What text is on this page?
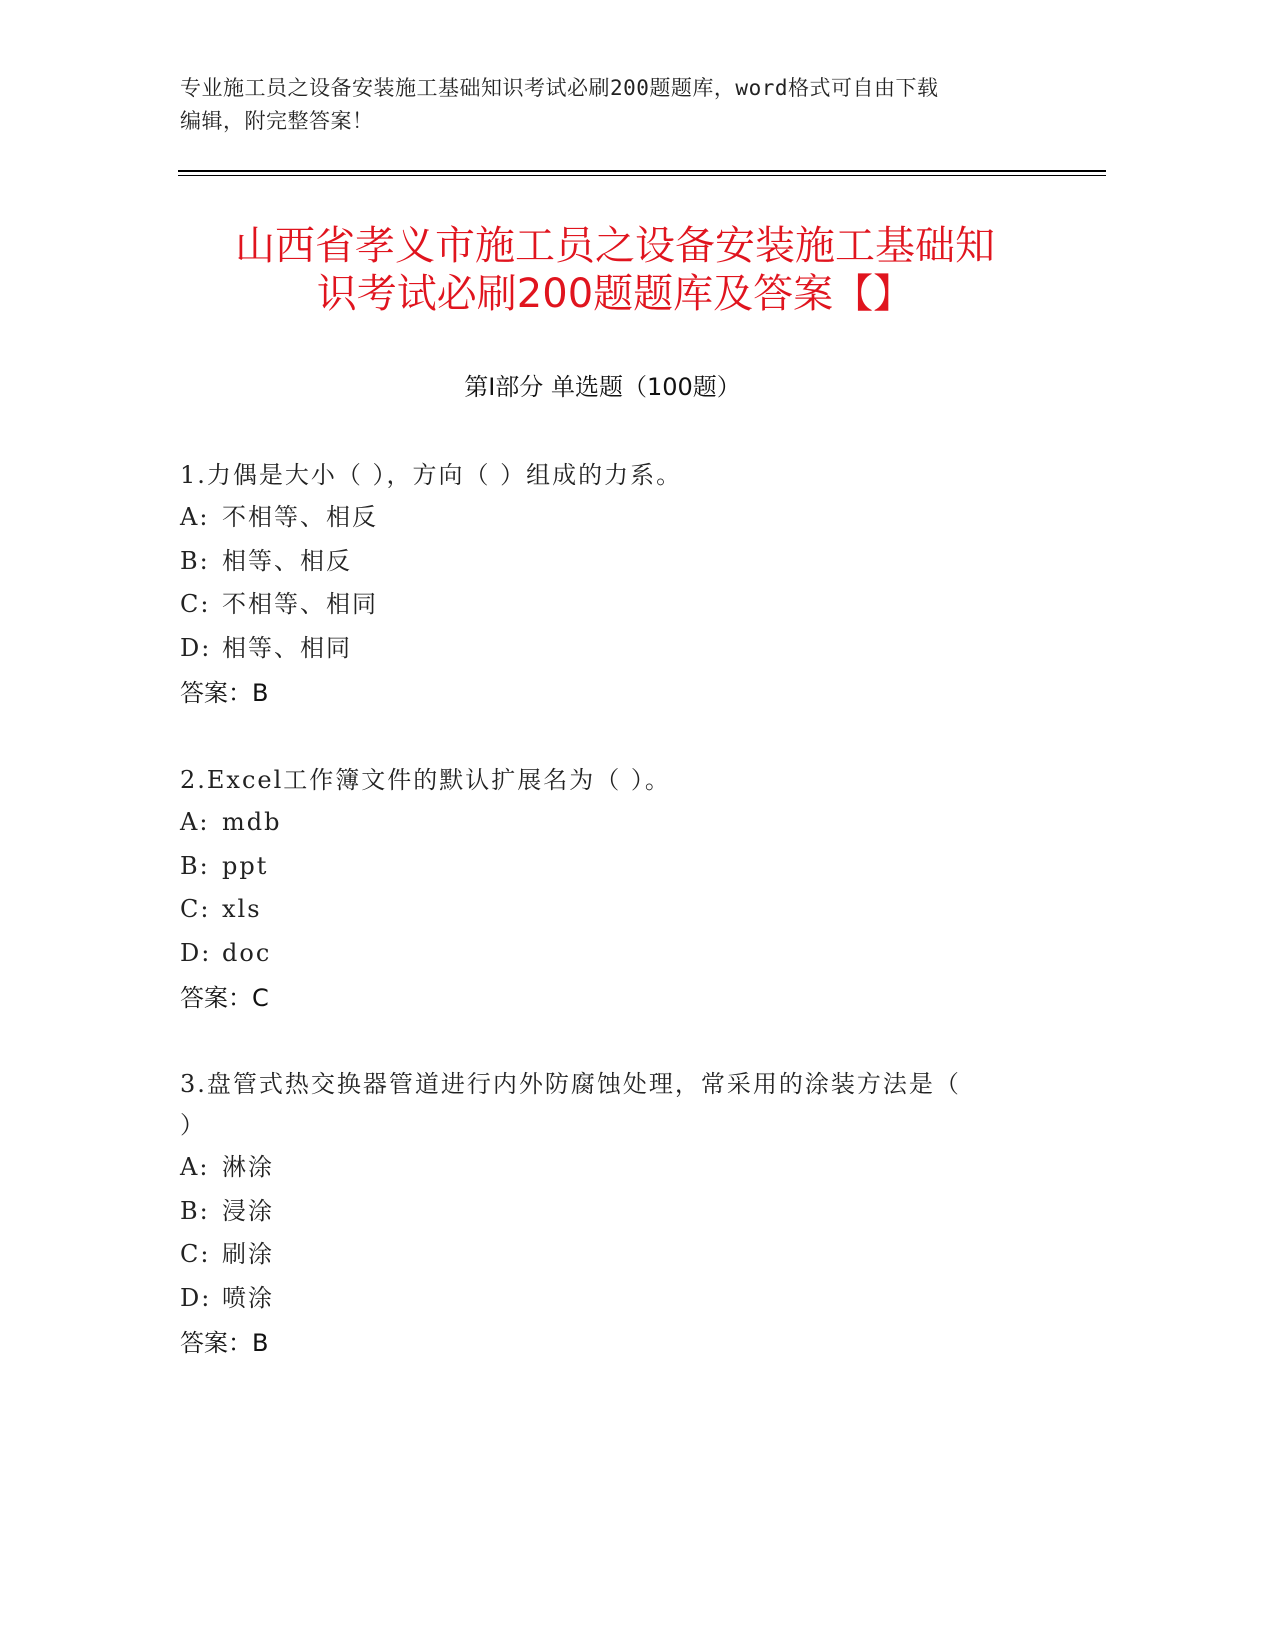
专业施工员之设备安装施工基础知识考试必刷200题题库，word格式可自由下载
编辑，附完整答案！
山西省孝义市施工员之设备安装施工基础知
识考试必刷200题题库及答案【】
第Ⅰ部分 单选题（100题）
1.力偶是大小（ ），方向（ ）组成的力系。
A: 不相等、相反
B: 相等、相反
C: 不相等、相同
D: 相等、相同
答案：B
2.Excel工作簿文件的默认扩展名为（ ）。
A: mdb
B: ppt
C: xls
D: doc
答案：C
3.盘管式热交换器管道进行内外防腐蚀处理，常采用的涂装方法是（
）
A: 淋涂
B: 浸涂
C: 刷涂
D: 喷涂
答案：B
